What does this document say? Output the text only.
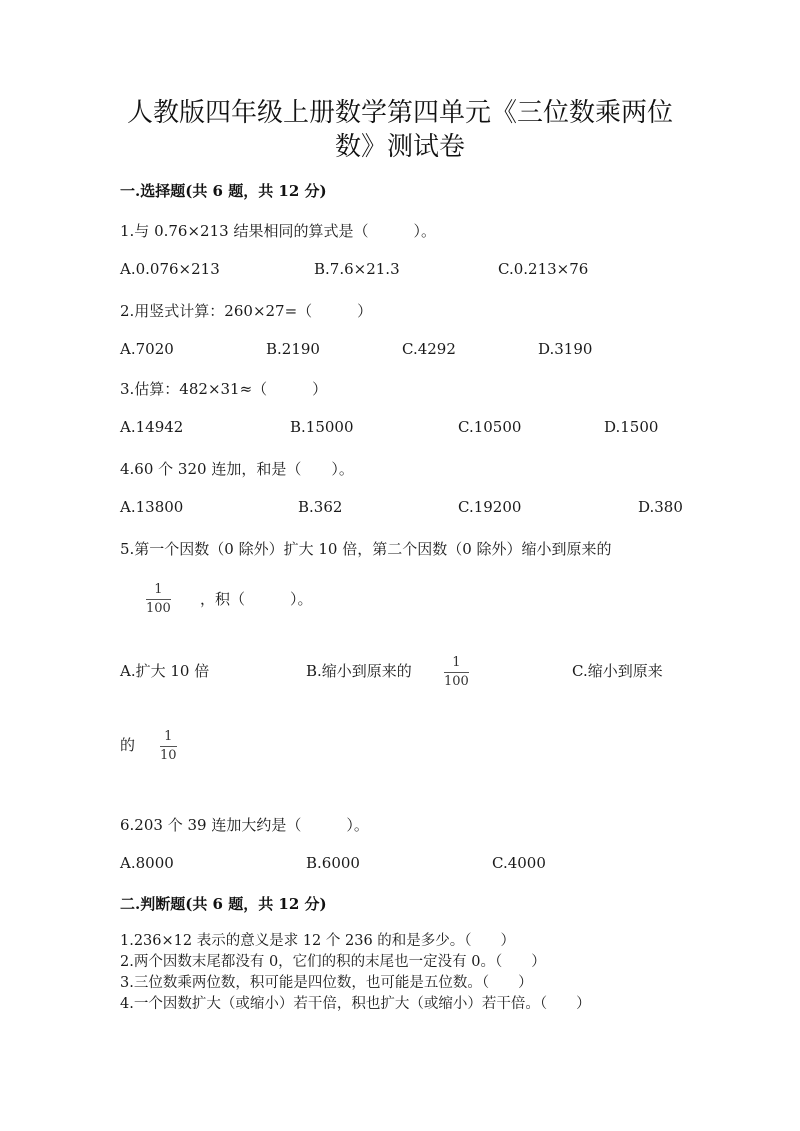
人教版四年级上册数学第四单元《三位数乘两位
数》测试卷
一.选择题(共 6 题，共 12 分)
1.与 0.76×213 结果相同的算式是（　　　）。
A.0.076×213	B.7.6×21.3	C.0.213×76
2.用竖式计算：260×27=（　　　）
A.7020	B.2190	C.4292	D.3190
3.估算：482×31≈（　　　）
A.14942	B.15000	C.10500	D.1500
4.60 个 320 连加，和是（　　）。
A.13800	B.362	C.19200	D.380
5.第一个因数（0 除外）扩大 10 倍，第二个因数（0 除外）缩小到原来的
1
100
，积（　　　）。
A.扩大 10 倍	B.缩小到原来的	1
100
C.缩小到原来
的 1
10
6.203 个 39 连加大约是（　　　）。
A.8000	B.6000	C.4000
二.判断题(共 6 题，共 12 分)
1.236×12 表示的意义是求 12 个 236 的和是多少。（　　）
2.两个因数末尾都没有 0，它们的积的末尾也一定没有 0。（　　）
3.三位数乘两位数，积可能是四位数，也可能是五位数。（　　）
4.一个因数扩大（或缩小）若干倍，积也扩大（或缩小）若干倍。（　　）
